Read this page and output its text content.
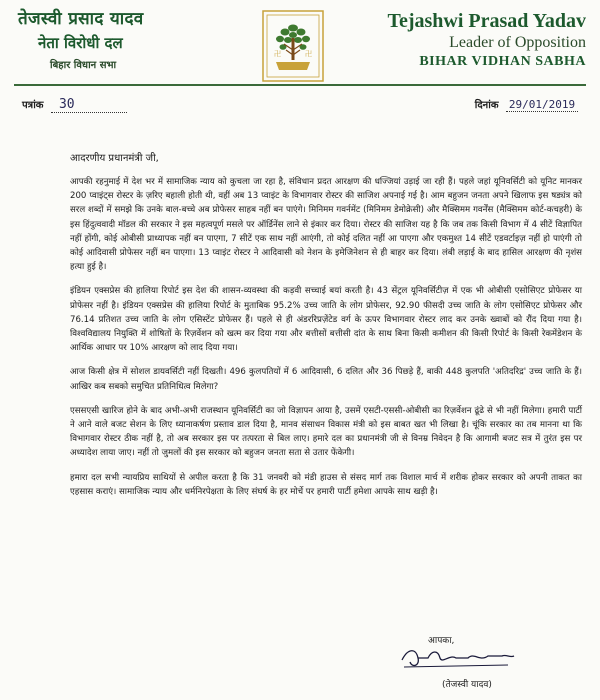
तेजस्वी प्रसाद यादव
नेता विरोधी दल
बिहार विधान सभा
卍	卍
Tejashwi Prasad Yadav
Leader of Opposition
BIHAR VIDHAN SABHA
पत्रांक 30	दिनांक 29/01/2019
आदरणीय प्रधानमंत्री जी,

आपकी रहनुमाई में देश भर में सामाजिक न्याय को कुचला जा रहा है, संविधान प्रदत आरक्षण की धज्जियां उड़ाई जा रही हैं। पहले जहां यूनिवर्सिटी को यूनिट मानकर 200 प्वाइंट्स रोस्टर के ज़रिए बहाली होती थी, वहीं अब 13 प्वाइंट के विभागवार रोस्टर की साजिश अपनाई गई है। आम बहुजन जनता अपने खिलाफ इस षड्यंत्र को सरल शब्दों में समझे कि उनके बाल-बच्चे अब प्रोफेसर साहब नहीं बन पाएंगे। मिनिमम गवर्नमेंट (मिनिमम डेमोक्रेसी) और मैक्सिमम गवर्नेंस (मैक्सिमम कोर्ट-कचहरी) के इस हिंदुत्ववादी मॉडल की सरकार ने इस महत्वपूर्ण मसले पर ऑर्डिनेंस लाने से इंकार कर दिया। रोस्टर की साजिश यह है कि जब तक किसी विभाग में 4 सीटें विज्ञापित नहीं होंगी, कोई ओबीसी प्राध्यापक नहीं बन पाएगा, 7 सीटें एक साथ नहीं आएंगी, तो कोई दलित नहीं आ पाएगा और एकमुश्त 14 सीटें एडवर्टाइज़ नहीं हो पाएंगी तो कोई आदिवासी प्रोफेसर नहीं बन पाएगा। 13 प्वाइंट रोस्टर ने आदिवासी को नेशन के इमेजिनेशन से ही बाहर कर दिया। लंबी लड़ाई के बाद हासिल आरक्षण की नृशंस हत्या हुई है।

इंडियन एक्सप्रेस की हालिया रिपोर्ट इस देश की शासन-व्यवस्था की कड़वी सच्चाई बयां करती है। 43 सेंट्रल यूनिवर्सिटीज़ में एक भी ओबीसी एसोसिएट प्रोफेसर या प्रोफेसर नहीं है। इंडियन एक्सप्रेस की हालिया रिपोर्ट के मुताबिक 95.2% उच्च जाति के लोग प्रोफेसर, 92.90 फीसदी उच्च जाति के लोग एसोसिएट प्रोफेसर और 76.14 प्रतिशत उच्च जाति के लोग एसिस्टेंट प्रोफेसर हैं। पहले से ही अंडररिप्रज़ेंटेड वर्ग के ऊपर विभागवार रोस्टर लाद कर उनके ख्वाबों को रौंद दिया गया है। विश्वविद्यालय नियुक्ति में शोषितों के रिज़र्वेशन को खत्म कर दिया गया और बत्तीसों बत्तीसी दांत के साथ बिना किसी कमीशन की किसी रिपोर्ट के किसी रेकमेंडेशन के आर्थिक आधार पर 10% आरक्षण को लाद दिया गया।

आज किसी क्षेत्र में सोशल डायवर्सिटी नहीं दिखती। 496 कुलपतियों में 6 आदिवासी, 6 दलित और 36 पिछड़े हैं, बाकी 448 कुलपति 'अतिदरिद्र' उच्च जाति के हैं। आखिर कब सबको समुचित प्रतिनिधित्व मिलेगा?

एससएसी खारिज होने के बाद अभी-अभी राजस्थान यूनिवर्सिटी का जो विज्ञापन आया है, उसमें एसटी-एससी-ओबीसी का रिज़र्वेशन ढूंढे से भी नहीं मिलेगा। हमारी पार्टी ने आने वाले बजट सेशन के लिए ध्यानाकर्षण प्रस्ताव डाल दिया है, मानव संसाधन विकास मंत्री को इस बाबत खत भी लिखा है। चूंकि सरकार का तब मानना था कि विभागवार रोस्टर ठीक नहीं है, तो अब सरकार इस पर तत्परता से बिल लाए। हमारे दल का प्रधानमंत्री जी से विनम्र निवेदन है कि आगामी बजट सत्र में तुरंत इस पर अध्यादेश लाया जाए। नहीं तो जुमलों की इस सरकार को बहुजन जनता सता से उतार फेंकेगी।

हमारा दल सभी न्यायप्रिय साथियों से अपील करता है कि 31 जनवरी को मंडी हाउस से संसद मार्ग तक विशाल मार्च में शरीक होकर सरकार को अपनी ताकत का एहसास कराएं। सामाजिक न्याय और धर्मनिरपेक्षता के लिए संघर्ष के हर मोर्चे पर हमारी पार्टी हमेशा आपके साथ खड़ी है।

आपका,
(तेजस्वी यादव)
